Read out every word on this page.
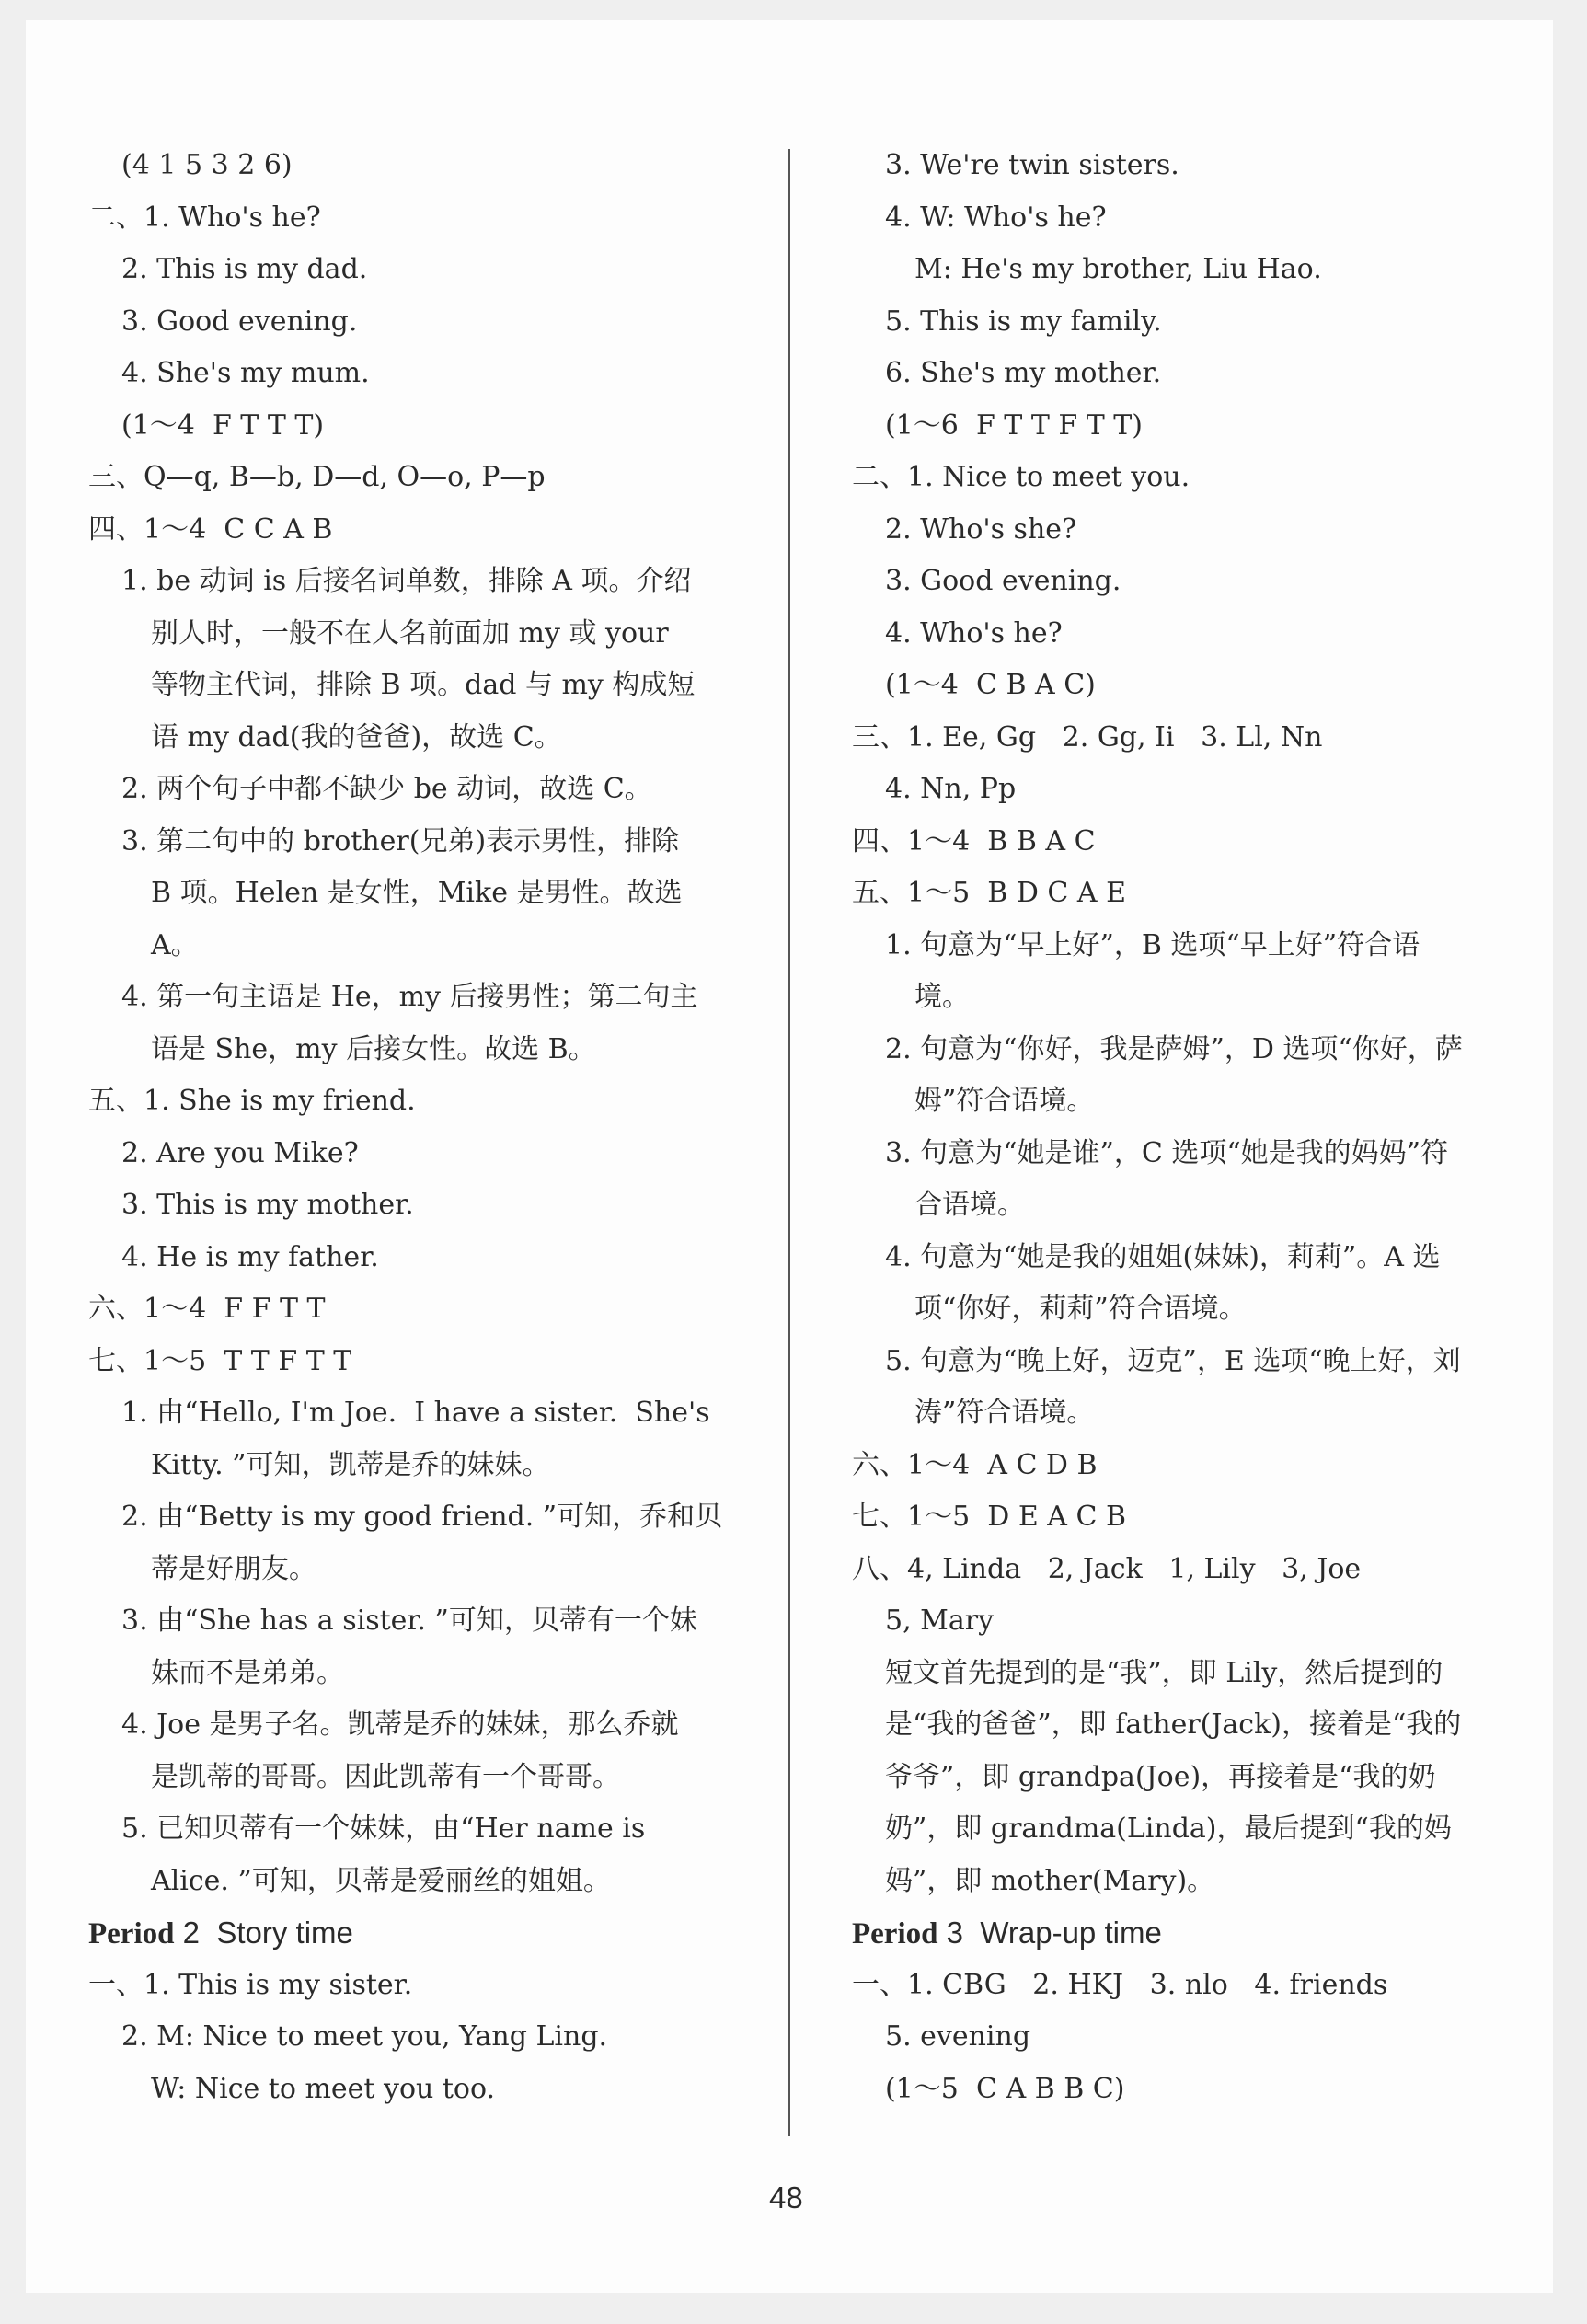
(4 1 5 3 2 6)
二、1. Who's he?
2. This is my dad.
3. Good evening.
4. She's my mum.
(1～4  F T T T)
三、Q—q, B—b, D—d, O—o, P—p
四、1～4  C C A B
1. be 动词 is 后接名词单数，排除 A 项。介绍
别人时，一般不在人名前面加 my 或 your
等物主代词，排除 B 项。dad 与 my 构成短
语 my dad(我的爸爸)，故选 C。
2. 两个句子中都不缺少 be 动词，故选 C。
3. 第二句中的 brother(兄弟)表示男性，排除
B 项。Helen 是女性，Mike 是男性。故选
A。
4. 第一句主语是 He，my 后接男性；第二句主
语是 She，my 后接女性。故选 B。
五、1. She is my friend.
2. Are you Mike?
3. This is my mother.
4. He is my father.
六、1～4  F F T T
七、1～5  T T F T T
1. 由“Hello, I'm Joe.  I have a sister.  She's
Kitty. ”可知，凯蒂是乔的妹妹。
2. 由“Betty is my good friend. ”可知，乔和贝
蒂是好朋友。
3. 由“She has a sister. ”可知，贝蒂有一个妹
妹而不是弟弟。
4. Joe 是男子名。凯蒂是乔的妹妹，那么乔就
是凯蒂的哥哥。因此凯蒂有一个哥哥。
5. 已知贝蒂有一个妹妹，由“Her name is
Alice. ”可知，贝蒂是爱丽丝的姐姐。
Period 2  Story time
一、1. This is my sister.
2. M: Nice to meet you, Yang Ling.
W: Nice to meet you too.
3. We're twin sisters.
4. W: Who's he?
M: He's my brother, Liu Hao.
5. This is my family.
6. She's my mother.
(1～6  F T T F T T)
二、1. Nice to meet you.
2. Who's she?
3. Good evening.
4. Who's he?
(1～4  C B A C)
三、1. Ee, Gg   2. Gg, Ii   3. Ll, Nn
4. Nn, Pp
四、1～4  B B A C
五、1～5  B D C A E
1. 句意为“早上好”，B 选项“早上好”符合语
境。
2. 句意为“你好，我是萨姆”，D 选项“你好，萨
姆”符合语境。
3. 句意为“她是谁”，C 选项“她是我的妈妈”符
合语境。
4. 句意为“她是我的姐姐(妹妹)，莉莉”。A 选
项“你好，莉莉”符合语境。
5. 句意为“晚上好，迈克”，E 选项“晚上好，刘
涛”符合语境。
六、1～4  A C D B
七、1～5  D E A C B
八、4, Linda   2, Jack   1, Lily   3, Joe
5, Mary
短文首先提到的是“我”，即 Lily，然后提到的
是“我的爸爸”，即 father(Jack)，接着是“我的
爷爷”，即 grandpa(Joe)，再接着是“我的奶
奶”，即 grandma(Linda)，最后提到“我的妈
妈”，即 mother(Mary)。
Period 3  Wrap-up time
一、1. CBG   2. HKJ   3. nlo   4. friends
5. evening
(1～5  C A B B C)
48
